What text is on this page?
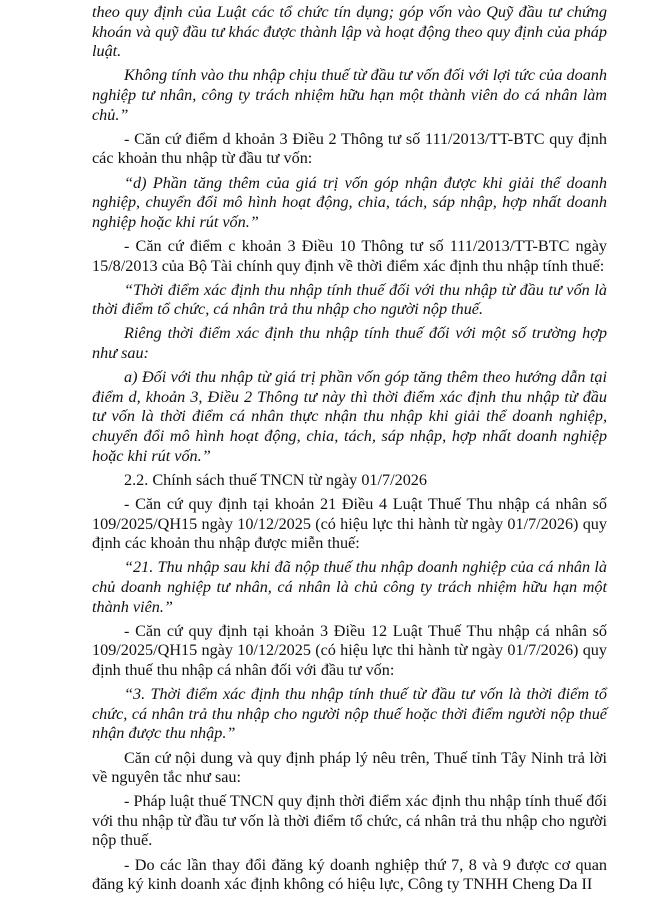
theo quy định của Luật các tổ chức tín dụng; góp vốn vào Quỹ đầu tư chứng khoán và quỹ đầu tư khác được thành lập và hoạt động theo quy định của pháp luật.

Không tính vào thu nhập chịu thuế từ đầu tư vốn đối với lợi tức của doanh nghiệp tư nhân, công ty trách nhiệm hữu hạn một thành viên do cá nhân làm chủ.”

- Căn cứ điểm d khoản 3 Điều 2 Thông tư số 111/2013/TT-BTC quy định các khoản thu nhập từ đầu tư vốn:

“d) Phần tăng thêm của giá trị vốn góp nhận được khi giải thể doanh nghiệp, chuyển đổi mô hình hoạt động, chia, tách, sáp nhập, hợp nhất doanh nghiệp hoặc khi rút vốn.”

- Căn cứ điểm c khoản 3 Điều 10 Thông tư số 111/2013/TT-BTC ngày 15/8/2013 của Bộ Tài chính quy định về thời điểm xác định thu nhập tính thuế:

“Thời điểm xác định thu nhập tính thuế đối với thu nhập từ đầu tư vốn là thời điểm tổ chức, cá nhân trả thu nhập cho người nộp thuế.

Riêng thời điểm xác định thu nhập tính thuế đối với một số trường hợp như sau:

a) Đối với thu nhập từ giá trị phần vốn góp tăng thêm theo hướng dẫn tại điểm d, khoản 3, Điều 2 Thông tư này thì thời điểm xác định thu nhập từ đầu tư vốn là thời điểm cá nhân thực nhận thu nhập khi giải thể doanh nghiệp, chuyển đổi mô hình hoạt động, chia, tách, sáp nhập, hợp nhất doanh nghiệp hoặc khi rút vốn.”

2.2. Chính sách thuế TNCN từ ngày 01/7/2026

- Căn cứ quy định tại khoản 21 Điều 4 Luật Thuế Thu nhập cá nhân số 109/2025/QH15 ngày 10/12/2025 (có hiệu lực thi hành từ ngày 01/7/2026) quy định các khoản thu nhập được miễn thuế:

“21. Thu nhập sau khi đã nộp thuế thu nhập doanh nghiệp của cá nhân là chủ doanh nghiệp tư nhân, cá nhân là chủ công ty trách nhiệm hữu hạn một thành viên.”

- Căn cứ quy định tại khoản 3 Điều 12 Luật Thuế Thu nhập cá nhân số 109/2025/QH15 ngày 10/12/2025 (có hiệu lực thi hành từ ngày 01/7/2026) quy định thuế thu nhập cá nhân đối với đầu tư vốn:

“3. Thời điểm xác định thu nhập tính thuế từ đầu tư vốn là thời điểm tổ chức, cá nhân trả thu nhập cho người nộp thuế hoặc thời điểm người nộp thuế nhận được thu nhập.”

Căn cứ nội dung và quy định pháp lý nêu trên, Thuế tỉnh Tây Ninh trả lời về nguyên tắc như sau:

- Pháp luật thuế TNCN quy định thời điểm xác định thu nhập tính thuế đối với thu nhập từ đầu tư vốn là thời điểm tổ chức, cá nhân trả thu nhập cho người nộp thuế.

- Do các lần thay đổi đăng ký doanh nghiệp thứ 7, 8 và 9 được cơ quan đăng ký kinh doanh xác định không có hiệu lực, Công ty TNHH Cheng Da II
